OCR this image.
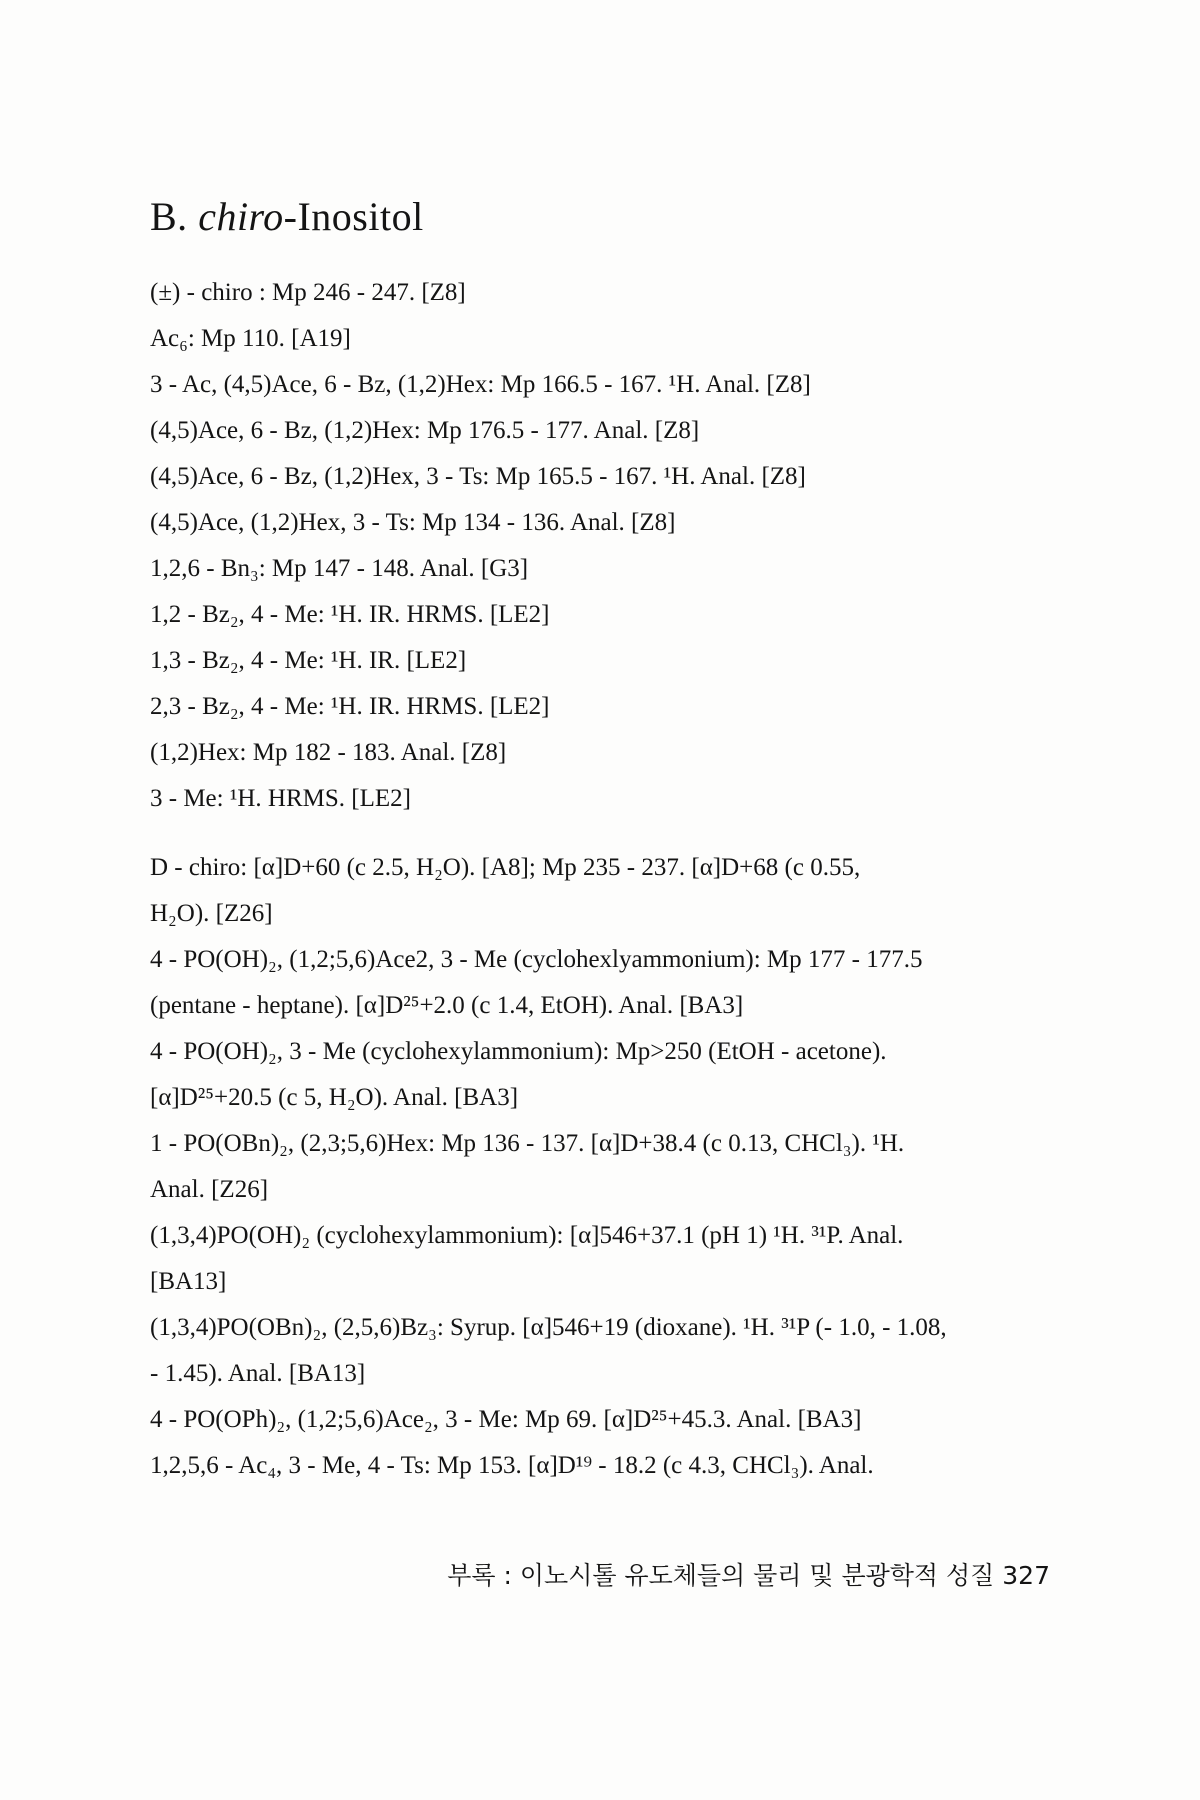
B. chiro-Inositol
(±) - chiro : Mp 246 - 247. [Z8]
Ac₆: Mp 110. [A19]
3 - Ac, (4,5)Ace, 6 - Bz, (1,2)Hex: Mp 166.5 - 167. ¹H. Anal. [Z8]
(4,5)Ace, 6 - Bz, (1,2)Hex: Mp 176.5 - 177. Anal. [Z8]
(4,5)Ace, 6 - Bz, (1,2)Hex, 3 - Ts: Mp 165.5 - 167. ¹H. Anal. [Z8]
(4,5)Ace, (1,2)Hex, 3 - Ts: Mp 134 - 136. Anal. [Z8]
1,2,6 - Bn₃: Mp 147 - 148. Anal. [G3]
1,2 - Bz₂, 4 - Me: ¹H. IR. HRMS. [LE2]
1,3 - Bz₂, 4 - Me: ¹H. IR. [LE2]
2,3 - Bz₂, 4 - Me: ¹H. IR. HRMS. [LE2]
(1,2)Hex: Mp 182 - 183. Anal. [Z8]
3 - Me: ¹H. HRMS. [LE2]
D - chiro: [α]D+60 (c 2.5, H₂O). [A8]; Mp 235 - 237. [α]D+68 (c 0.55,
H₂O). [Z26]
4 - PO(OH)₂, (1,2;5,6)Ace2, 3 - Me (cyclohexlyammonium): Mp 177 - 177.5
(pentane - heptane). [α]D²⁵+2.0 (c 1.4, EtOH). Anal. [BA3]
4 - PO(OH)₂, 3 - Me (cyclohexylammonium): Mp>250 (EtOH - acetone).
[α]D²⁵+20.5 (c 5, H₂O). Anal. [BA3]
1 - PO(OBn)₂, (2,3;5,6)Hex: Mp 136 - 137. [α]D+38.4 (c 0.13, CHCl₃). ¹H.
Anal. [Z26]
(1,3,4)PO(OH)₂ (cyclohexylammonium): [α]546+37.1 (pH 1) ¹H. ³¹P. Anal.
[BA13]
(1,3,4)PO(OBn)₂, (2,5,6)Bz₃: Syrup. [α]546+19 (dioxane). ¹H. ³¹P (- 1.0, - 1.08,
- 1.45). Anal. [BA13]
4 - PO(OPh)₂, (1,2;5,6)Ace₂, 3 - Me: Mp 69. [α]D²⁵+45.3. Anal. [BA3]
1,2,5,6 - Ac₄, 3 - Me, 4 - Ts: Mp 153. [α]D¹⁹ - 18.2 (c 4.3, CHCl₃). Anal.
부록 : 이노시톨 유도체들의 물리 및 분광학적 성질 327
